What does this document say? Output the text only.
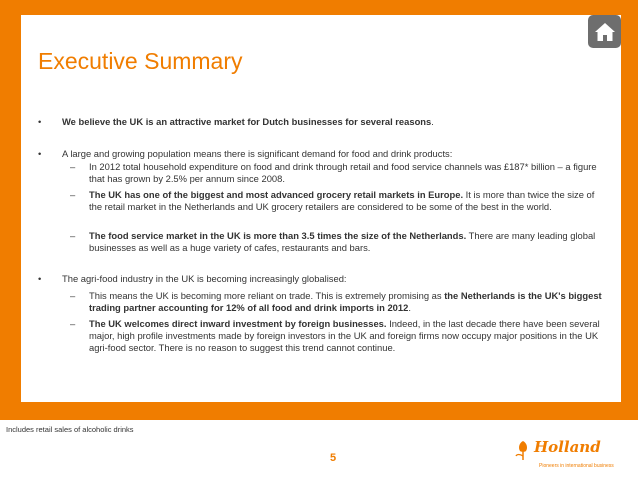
Executive Summary
•	We believe the UK is an attractive market for Dutch businesses for several reasons.
•	A large and growing population means there is significant demand for food and drink products:
– In 2012 total household expenditure on food and drink through retail and food service channels was £187* billion – a figure that has grown by 2.5% per annum since 2008.
– The UK has one of the biggest and most advanced grocery retail markets in Europe. It is more than twice the size of the retail market in the Netherlands and UK grocery retailers are considered to be some of the best in the world.
– The food service market in the UK is more than 3.5 times the size of the Netherlands. There are many leading global businesses as well as a huge variety of cafes, restaurants and bars.
•	The agri-food industry in the UK is becoming increasingly globalised:
– This means the UK is becoming more reliant on trade. This is extremely promising as the Netherlands is the UK's biggest trading partner accounting for 12% of all food and drink imports in 2012.
– The UK welcomes direct inward investment by foreign businesses. Indeed, in the last decade there have been several major, high profile investments made by foreign investors in the UK and foreign firms now occupy major positions in the UK agri-food sector. There is no reason to suggest this trend cannot continue.
Includes retail sales of alcoholic drinks
5
Holland
Pioneers in international business
